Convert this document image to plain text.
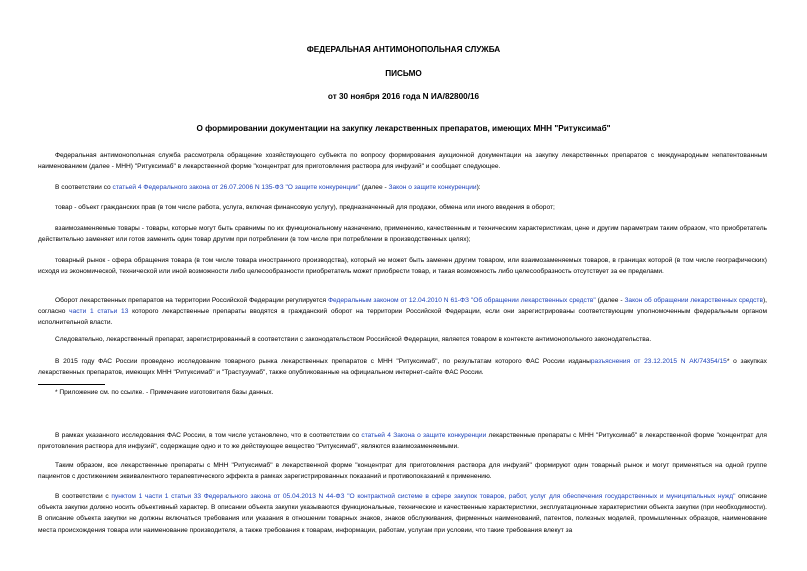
ФЕДЕРАЛЬНАЯ АНТИМОНОПОЛЬНАЯ СЛУЖБА
ПИСЬМО
от 30 ноября 2016 года N ИА/82800/16
О формировании документации на закупку лекарственных препаратов, имеющих МНН "Ритуксимаб"

Федеральная антимонопольная служба рассмотрела обращение хозяйствующего субъекта по вопросу формирования аукционной документации на закупку лекарственных препаратов с международным непатентованным наименованием (далее - МНН) "Ритуксимаб" в лекарственной форме "концентрат для приготовления раствора для инфузий" и сообщает следующее.

В соответствии со статьей 4 Федерального закона от 26.07.2006 N 135-ФЗ "О защите конкуренции" (далее - Закон о защите конкуренции):

товар - объект гражданских прав (в том числе работа, услуга, включая финансовую услугу), предназначенный для продажи, обмена или иного введения в оборот;

взаимозаменяемые товары - товары, которые могут быть сравнимы по их функциональному назначению, применению, качественным и техническим характеристикам, цене и другим параметрам таким образом, что приобретатель действительно заменяет или готов заменить один товар другим при потреблении (в том числе при потреблении в производственных целях);

товарный рынок - сфера обращения товара (в том числе товара иностранного производства), который не может быть заменен другим товаром, или взаимозаменяемых товаров, в границах которой (в том числе географических) исходя из экономической, технической или иной возможности либо целесообразности приобретатель может приобрести товар, и такая возможность либо целесообразность отсутствует за ее пределами.

Оборот лекарственных препаратов на территории Российской Федерации регулируется Федеральным законом от 12.04.2010 N 61-ФЗ "Об обращении лекарственных средств" (далее - Закон об обращении лекарственных средств), согласно части 1 статьи 13 которого лекарственные препараты вводятся в гражданский оборот на территории Российской Федерации, если они зарегистрированы соответствующим уполномоченным федеральным органом исполнительной власти.

Следовательно, лекарственный препарат, зарегистрированный в соответствии с законодательством Российской Федерации, является товаром в контексте антимонопольного законодательства.

В 2015 году ФАС России проведено исследование товарного рынка лекарственных препаратов с МНН "Ритуксимаб", по результатам которого ФАС России изданыразъяснения от 23.12.2015 N АК/74354/15* о закупках лекарственных препаратов, имеющих МНН "Ритуксимаб" и "Трастузумаб", также опубликованные на официальном интернет-сайте ФАС России.

* Приложение см. по ссылке. - Примечание изготовителя базы данных.

В рамках указанного исследования ФАС России, в том числе установлено, что в соответствии со статьей 4 Закона о защите конкуренции лекарственные препараты с МНН "Ритуксимаб" в лекарственной форме "концентрат для приготовления раствора для инфузий", содержащие одно и то же действующее вещество "Ритуксимаб", являются взаимозаменяемыми.

Таким образом, все лекарственные препараты с МНН "Ритуксимаб" в лекарственной форме "концентрат для приготовления раствора для инфузий" формируют один товарный рынок и могут применяться на одной группе пациентов с достижением эквивалентного терапевтического эффекта в рамках зарегистрированных показаний и противопоказаний к применению.

В соответствии с пунктом 1 части 1 статьи 33 Федерального закона от 05.04.2013 N 44-ФЗ "О контрактной системе в сфере закупок товаров, работ, услуг для обеспечения государственных и муниципальных нужд" описание объекта закупки должно носить объективный характер. В описании объекта закупки указываются функциональные, технические и качественные характеристики, эксплуатационные характеристики объекта закупки (при необходимости). В описание объекта закупки не должны включаться требования или указания в отношении товарных знаков, знаков обслуживания, фирменных наименований, патентов, полезных моделей, промышленных образцов, наименование места происхождения товара или наименование производителя, а также требования к товарам, информации, работам, услугам при условии, что такие требования влекут за
